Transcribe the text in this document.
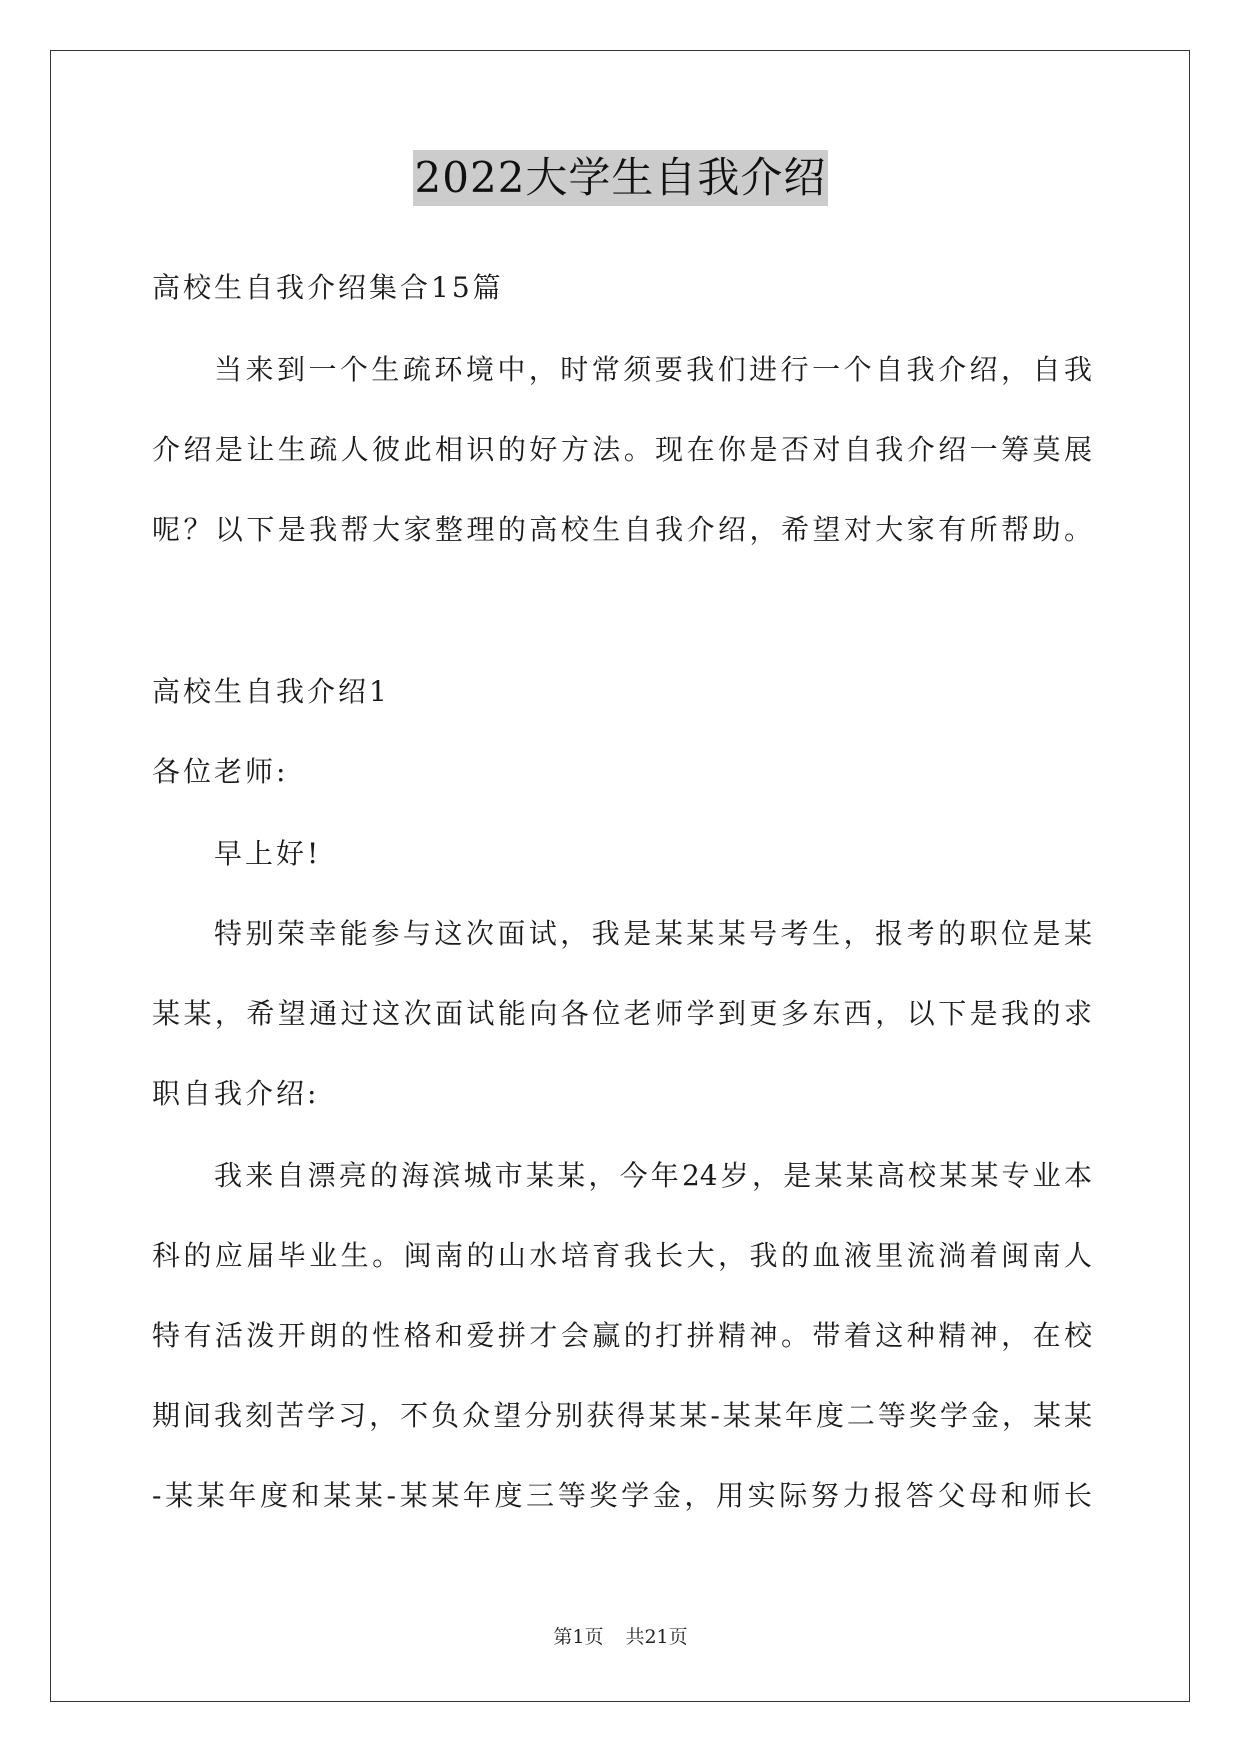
2022大学生自我介绍
高校生自我介绍集合15篇
当来到一个生疏环境中，时常须要我们进行一个自我介绍，自我
介绍是让生疏人彼此相识的好方法。现在你是否对自我介绍一筹莫展
呢？以下是我帮大家整理的高校生自我介绍，希望对大家有所帮助。
高校生自我介绍1
各位老师:
早上好!
特别荣幸能参与这次面试，我是某某某号考生，报考的职位是某
某某，希望通过这次面试能向各位老师学到更多东西，以下是我的求
职自我介绍:
我来自漂亮的海滨城市某某，今年24岁，是某某高校某某专业本
科的应届毕业生。闽南的山水培育我长大，我的血液里流淌着闽南人
特有活泼开朗的性格和爱拼才会赢的打拼精神。带着这种精神，在校
期间我刻苦学习，不负众望分别获得某某-某某年度二等奖学金，某某
-某某年度和某某-某某年度三等奖学金，用实际努力报答父母和师长
第1页 共21页
